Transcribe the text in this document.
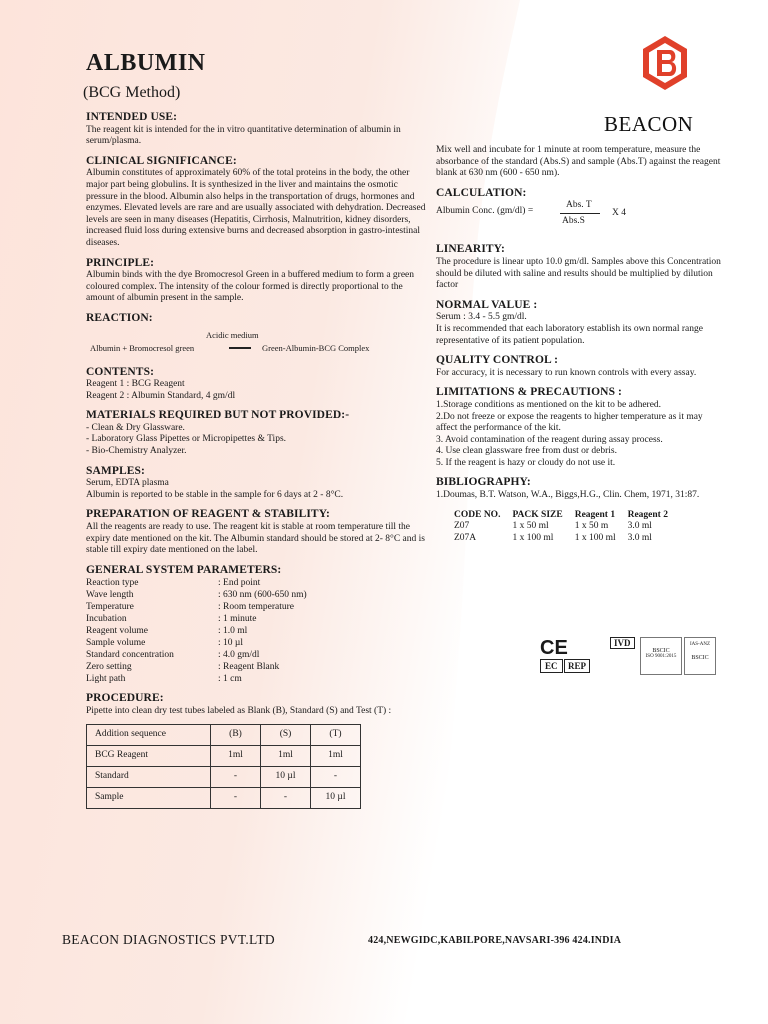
ALBUMIN
(BCG Method)
BEACON
INTENDED USE:

The reagent kit is intended for the in vitro quantitative determination of albumin in serum/plasma.

CLINICAL SIGNIFICANCE:

Albumin constitutes of approximately 60% of the total proteins in the body, the other major part being globulins. It is synthesized in the liver and maintains the osmotic pressure in the blood. Albumin also helps in the transportation of drugs, hormones and enzymes. Elevated levels are rare and are usually associated with dehydration. Decreased levels are seen in many diseases (Hepatitis, Cirrhosis, Malnutrition, kidney disorders, increased fluid loss during extensive burns and decreased absorption in gastro-intestinal diseases.

PRINCIPLE:

Albumin binds with the dye Bromocresol Green in a buffered medium to form a green coloured complex. The intensity of the colour formed is directly proportional to the amount of albumin present in the sample.

REACTION:
Acidic medium
Albumin + Bromocresol green	Green-Albumin-BCG Complex
CONTENTS:

Reagent 1 : BCG Reagent

Reagent 2 : Albumin Standard, 4 gm/dl

MATERIALS REQUIRED BUT NOT PROVIDED:-

- Clean & Dry Glassware.

- Laboratory Glass Pipettes or Micropipettes & Tips.

- Bio-Chemistry Analyzer.

SAMPLES:

Serum, EDTA plasma

Albumin is reported to be stable in the sample for 6 days at 2 - 8°C.

PREPARATION OF REAGENT & STABILITY:

All the reagents are ready to use. The reagent kit is stable at room temperature till the expiry date mentioned on the kit. The Albumin standard should be stored at 2- 8°C and is stable till expiry date mentioned on the label.

GENERAL SYSTEM PARAMETERS:
Reaction type	: End point
Wave length	: 630 nm (600-650 nm)
Temperature	: Room temperature
Incubation	: 1 minute
Reagent volume	: 1.0 ml
Sample volume	: 10 µl
Standard concentration	: 4.0 gm/dl
Zero setting	: Reagent Blank
Light path	: 1 cm
PROCEDURE:

Pipette into clean dry test tubes labeled as Blank (B), Standard (S) and Test (T) :

Addition sequence	(B)	(S)	(T)
BCG Reagent	1ml	1ml	1ml
Standard	-	10 µl	-
Sample	-	-	10 µl

Mix well and incubate for 1 minute at room temperature, measure the absorbance of the standard (Abs.S) and sample (Abs.T) against the reagent blank at 630 nm (600 - 650 nm).

CALCULATION:
Albumin Conc. (gm/dl) =
Abs. T
Abs.S
X 4
LINEARITY:

The procedure is linear upto 10.0 gm/dl. Samples above this Concentration should be diluted with saline and results should be multiplied by dilution factor

NORMAL VALUE :

Serum : 3.4 - 5.5 gm/dl.

It is recommended that each laboratory establish its own normal range representative of its patient population.

QUALITY CONTROL :

For accuracy, it is necessary to run known controls with every assay.

LIMITATIONS & PRECAUTIONS :

1.Storage conditions as mentioned on the kit to be adhered.

2.Do not freeze or expose the reagents to higher temperature as it may affect the performance of the kit.

3. Avoid contamination of the reagent during assay process.

4. Use clean glassware free from dust or debris.

5. If the reagent is hazy or cloudy do not use it.

BIBLIOGRAPHY:

1.Doumas, B.T. Watson, W.A., Biggs,H.G., Clin. Chem, 1971, 31:87.

CODE NO.	PACK SIZE	Reagent 1	Reagent 2
Z07	1 x 50 ml	1 x 50 m	3.0 ml
Z07A	1 x 100 ml	1 x 100 ml	3.0 ml
CE	IVD
EC	REP
BSCIC
ISO 9001:2015
IAS-ANZ
BSCIC
BEACON DIAGNOSTICS PVT.LTD	424,NEWGIDC,KABILPORE,NAVSARI-396 424.INDIA
